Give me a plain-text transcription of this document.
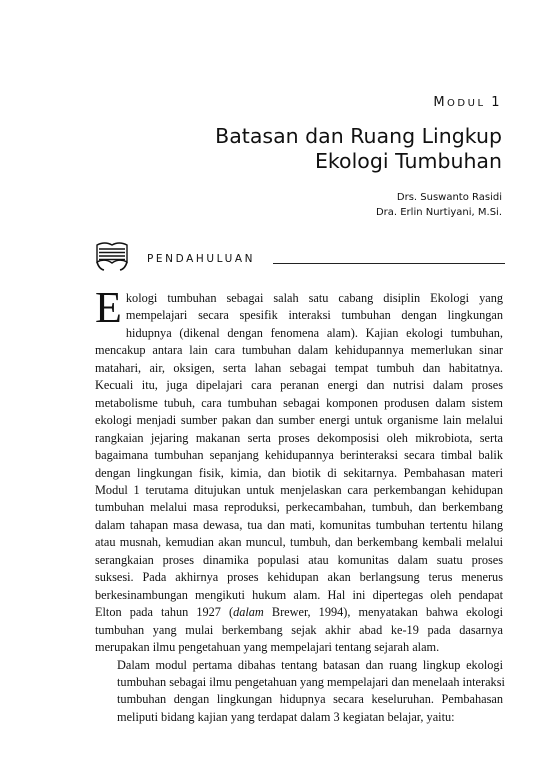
MODUL 1
Batasan dan Ruang Lingkup
Ekologi Tumbuhan
Drs. Suswanto Rasidi
Dra. Erlin Nurtiyani, M.Si.
PENDAHULUAN

E kologi tumbuhan sebagai salah satu cabang disiplin Ekologi yang
mempelajari secara spesifik interaksi tumbuhan dengan lingkungan
hidupnya (dikenal dengan fenomena alam). Kajian ekologi tumbuhan,
mencakup antara lain cara tumbuhan dalam kehidupannya memerlukan sinar
matahari, air, oksigen, serta lahan sebagai tempat tumbuh dan habitatnya.
Kecuali itu, juga dipelajari cara peranan energi dan nutrisi dalam proses
metabolisme tubuh, cara tumbuhan sebagai komponen produsen dalam sistem
ekologi menjadi sumber pakan dan sumber energi untuk organisme lain melalui
rangkaian jejaring makanan serta proses dekomposisi oleh mikrobiota, serta
bagaimana tumbuhan sepanjang kehidupannya berinteraksi secara timbal balik
dengan lingkungan fisik, kimia, dan biotik di sekitarnya. Pembahasan materi
Modul 1 terutama ditujukan untuk menjelaskan cara perkembangan kehidupan
tumbuhan melalui masa reproduksi, perkecambahan, tumbuh, dan berkembang
dalam tahapan masa dewasa, tua dan mati, komunitas tumbuhan tertentu hilang
atau musnah, kemudian akan muncul, tumbuh, dan berkembang kembali melalui
serangkaian proses dinamika populasi atau komunitas dalam suatu proses
suksesi. Pada akhirnya proses kehidupan akan berlangsung terus menerus
berkesinambungan mengikuti hukum alam. Hal ini dipertegas oleh pendapat
Elton pada tahun 1927 (dalam Brewer, 1994), menyatakan bahwa ekologi
tumbuhan yang mulai berkembang sejak akhir abad ke-19 pada dasarnya
merupakan ilmu pengetahuan yang mempelajari tentang sejarah alam.

Dalam modul pertama dibahas tentang batasan dan ruang lingkup ekologi
tumbuhan sebagai ilmu pengetahuan yang mempelajari dan menelaah interaksi
tumbuhan dengan lingkungan hidupnya secara keseluruhan. Pembahasan
meliputi bidang kajian yang terdapat dalam 3 kegiatan belajar, yaitu:
